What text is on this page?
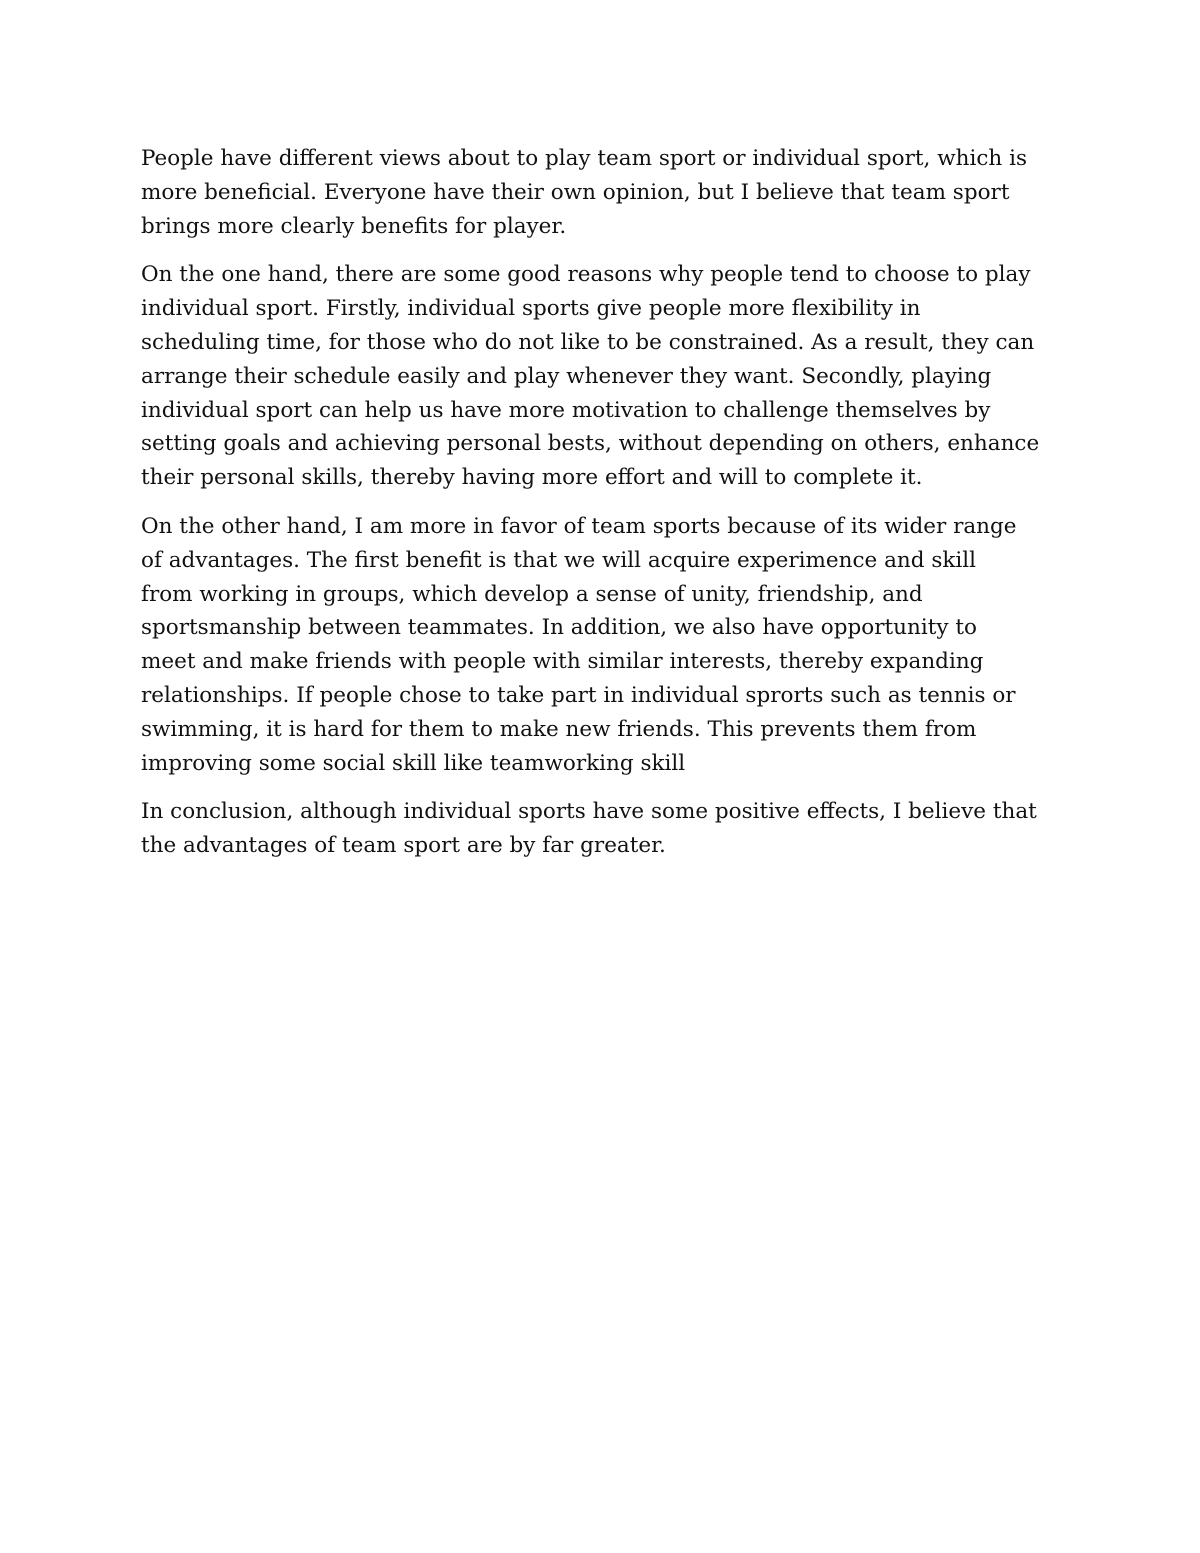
People have different views about to play team sport or individual sport, which is
more beneficial. Everyone have their own opinion, but I believe that team sport
brings more clearly benefits for player.

On the one hand, there are some good reasons why people tend to choose to play
individual sport. Firstly, individual sports give people more flexibility in
scheduling time, for those who do not like to be constrained. As a result, they can
arrange their schedule easily and play whenever they want. Secondly, playing
individual sport can help us have more motivation to challenge themselves by
setting goals and achieving personal bests, without depending on others, enhance
their personal skills, thereby having more effort and will to complete it.

On the other hand, I am more in favor of team sports because of its wider range
of advantages. The first benefit is that we will acquire experimence and skill
from working in groups, which develop a sense of unity, friendship, and
sportsmanship between teammates. In addition, we also have opportunity to
meet and make friends with people with similar interests, thereby expanding
relationships. If people chose to take part in individual sprorts such as tennis or
swimming, it is hard for them to make new friends. This prevents them from
improving some social skill like teamworking skill

In conclusion, although individual sports have some positive effects, I believe that
the advantages of team sport are by far greater.
